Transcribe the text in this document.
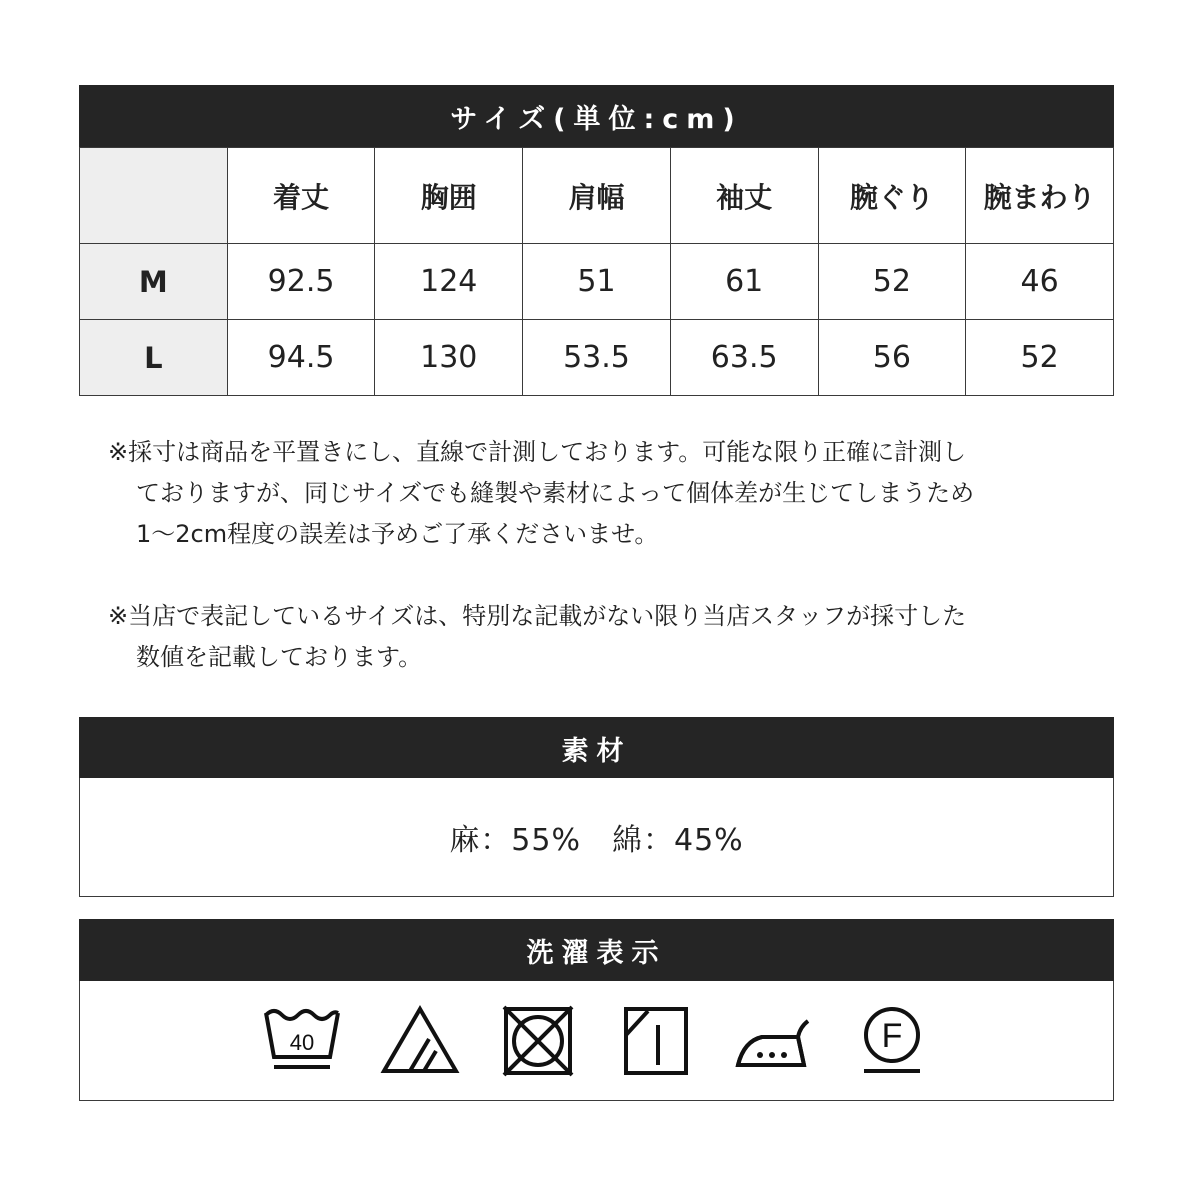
サイズ(単位:cm)
	着丈	胸囲	肩幅	袖丈	腕ぐり	腕まわり
M	92.5	124	51	61	52	46
L	94.5	130	53.5	63.5	56	52

※採寸は商品を平置きにし、直線で計測しております。可能な限り正確に計測し

ておりますが、同じサイズでも縫製や素材によって個体差が生じてしまうため

1〜2cm程度の誤差は予めご了承くださいませ。

※当店で表記しているサイズは、特別な記載がない限り当店スタッフが採寸した

数値を記載しております。

素材
麻：55%　綿：45%
洗濯表示
40	F
